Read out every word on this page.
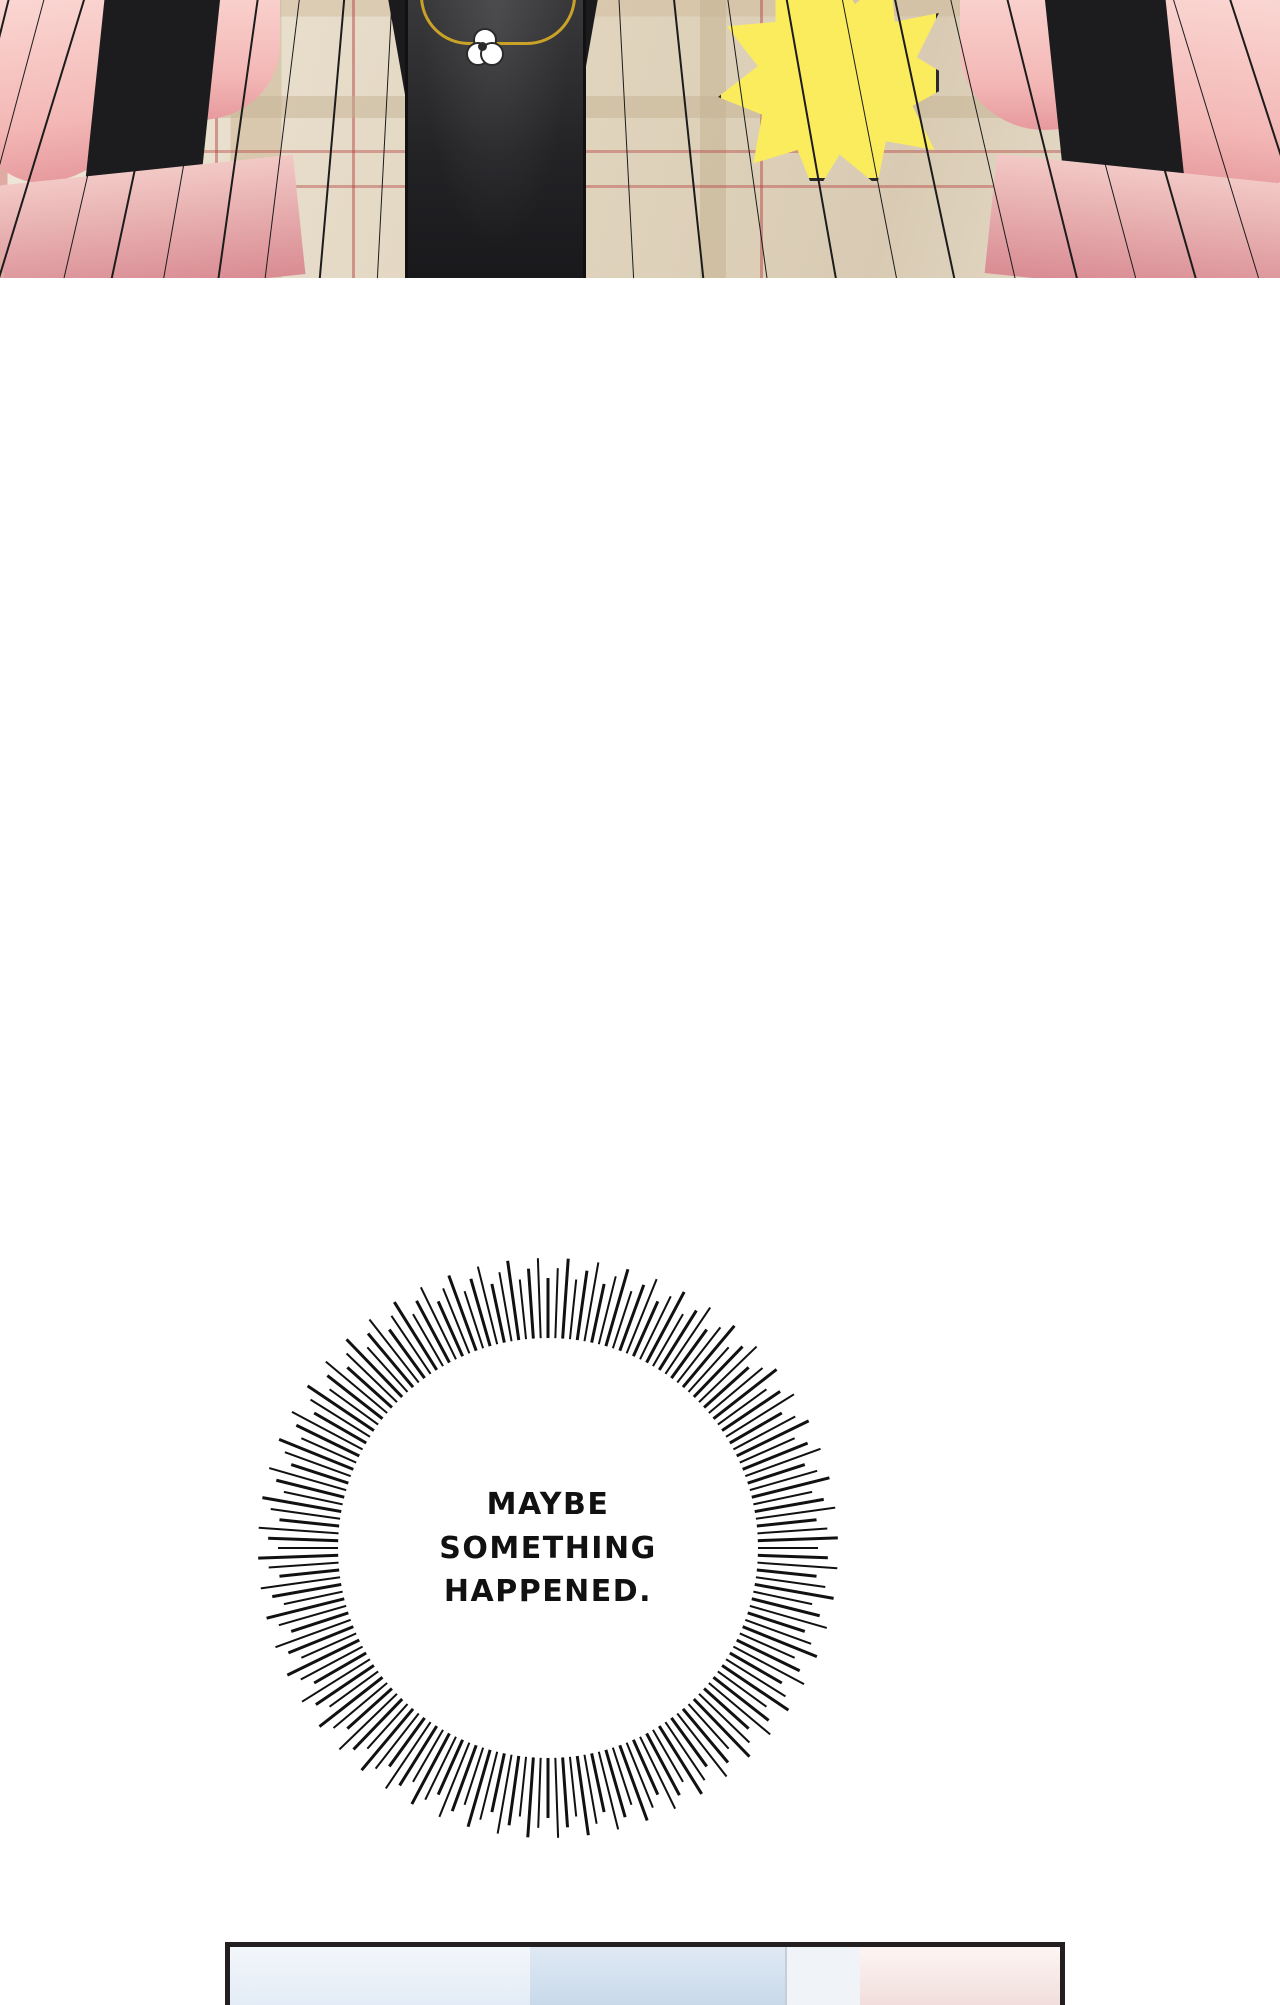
MAYBE
SOMETHING
HAPPENED.
